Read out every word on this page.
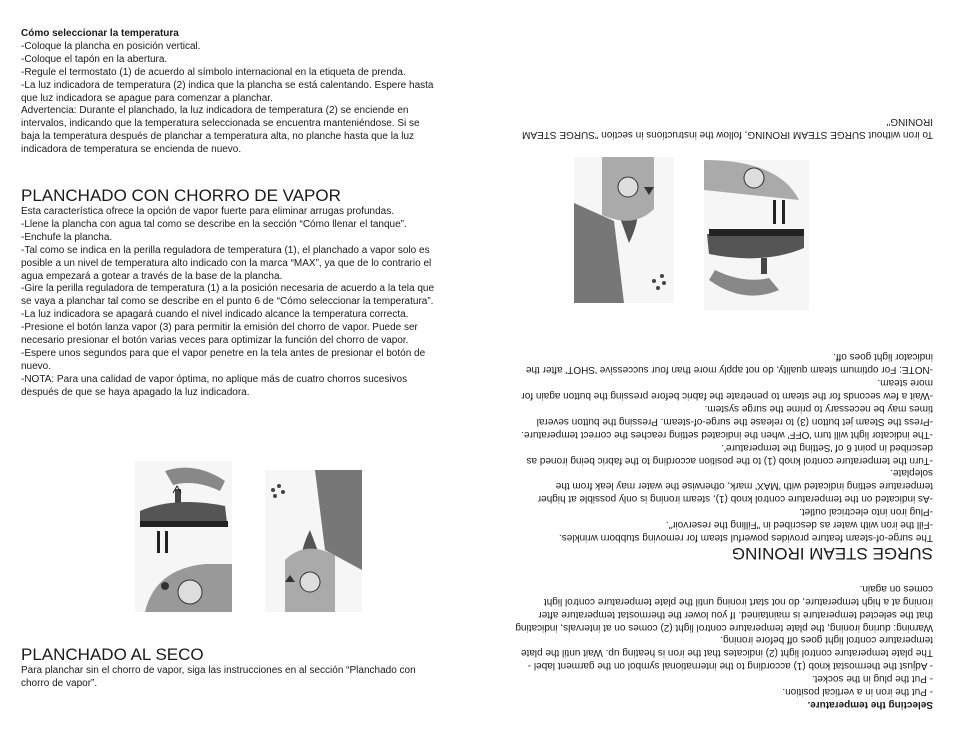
Cómo seleccionar la temperatura

-Coloque la plancha en posición vertical.

-Coloque el tapón en la abertura.

-Regule el termostato (1) de acuerdo al símbolo internacional en la etiqueta de prenda.

-La luz indicadora de temperatura (2) indica que la plancha se está calentando. Espere hasta que luz indicadora se apague para comenzar a planchar.

Advertencia: Durante el planchado, la luz indicadora de temperatura (2) se enciende en intervalos, indicando que la temperatura seleccionada se encuentra manteniéndose. Si se baja la temperatura después de planchar a temperatura alta, no planche hasta que la luz indicadora de temperatura se encienda de nuevo.

PLANCHADO CON CHORRO DE VAPOR

Esta característica ofrece la opción de vapor fuerte para eliminar arrugas profundas.

-Llene la plancha con agua tal como se describe en la sección “Cómo llenar el tanque”.

-Enchufe la plancha.

-Tal como se indica en la perilla reguladora de temperatura (1), el planchado a vapor solo es posible a un nivel de temperatura alto indicado con la marca “MAX”, ya que de lo contrario el agua empezará a gotear a través de la base de la plancha.

-Gire la perilla reguladora de temperatura (1) a la posición necesaria de acuerdo a la tela que se vaya a planchar tal como se describe en el punto 6 de “Cómo seleccionar la temperatura”.

-La luz indicadora se apagará cuando el nivel indicado alcance la temperatura correcta.

-Presione el botón lanza vapor (3) para permitir la emisión del chorro de vapor. Puede ser necesario presionar el botón varias veces para optimizar la función del chorro de vapor.

-Espere unos segundos para que el vapor penetre en la tela antes de presionar el botón de nuevo.

-NOTA: Para una calidad de vapor óptima, no aplique más de cuatro chorros sucesivos después de que se haya apagado la luz indicadora.

PLANCHADO AL SECO

Para planchar sin el chorro de vapor, siga las instrucciones en al sección “Planchado con chorro de vapor”.

Selecting the temperature.

- Put the iron in a vertical position.

- Put the plug in the socket.

- Adjust the thermostat knob (1) according to the international symbol on the garment label - The plate temperature control light (2) indicates that the iron is heating up. Wait until the plate temperature control light goes off before ironing.

Warning: during ironing, the plate temperature control light (2) comes on at intervals, indicating that the selected temperature is maintained. If you lower the thermostat temperature after ironing at a high temperature, do not start ironing until the plate temperature control light comes on again.

SURGE STEAM IRONING

The surge-of-steam feature provides powerful steam for removing stubborn wrinkles.

-Fill the iron with water as described in "Filling the reservoir".

-Plug iron into electrical outlet.

-As indicated on the temperature control knob (1), steam ironing is only possible at higher temperature setting indicated with 'MAX' mark, otherwise the water may leak from the soleplate.

-Turn the temperature control knob (1) to the position according to the fabric being ironed as described in point 6 of 'Setting the temperature'.

-The indicator light will turn 'OFF' when the indicated setting reaches the correct temperature.

-Press the Steam jet button (3) to release the surge-of-steam. Pressing the button several times may be necessary to prime the surge system.

-Wait a few seconds for the steam to penetrate the fabric before pressing the button again for more steam.

-NOTE: For optimum steam quality, do not apply more than four successive 'SHOT' after the indicator light goes off.

To iron without SURGE STEAM IRONING, follow the instructions in section "SURGE STEAM IRONING"
